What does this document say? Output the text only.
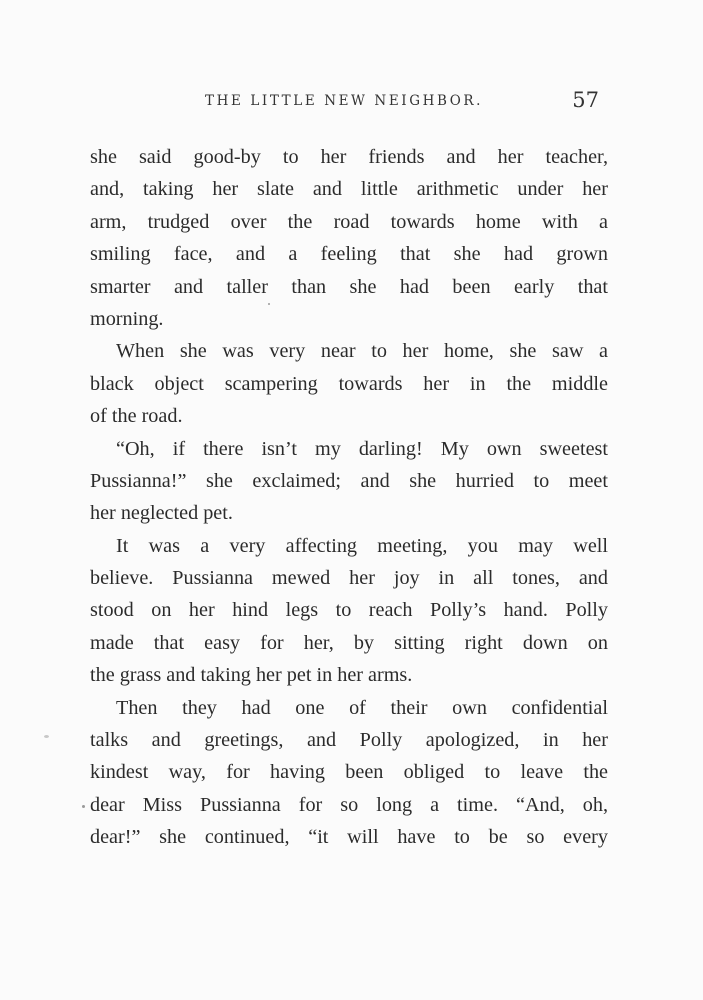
THE LITTLE NEW NEIGHBOR.	57
she said good-by to her friends and her teacher,
and, taking her slate and little arithmetic under her
arm, trudged over the road towards home with a
smiling face, and a feeling that she had grown
smarter and taller than she had been early that
morning.
When she was very near to her home, she saw a
black object scampering towards her in the middle
of the road.
“Oh, if there isn’t my darling! My own sweetest
Pussianna!” she exclaimed; and she hurried to meet
her neglected pet.
It was a very affecting meeting, you may well
believe. Pussianna mewed her joy in all tones, and
stood on her hind legs to reach Polly’s hand. Polly
made that easy for her, by sitting right down on
the grass and taking her pet in her arms.
Then they had one of their own confidential
talks and greetings, and Polly apologized, in her
kindest way, for having been obliged to leave the
dear Miss Pussianna for so long a time. “And, oh,
dear!” she continued, “it will have to be so every
